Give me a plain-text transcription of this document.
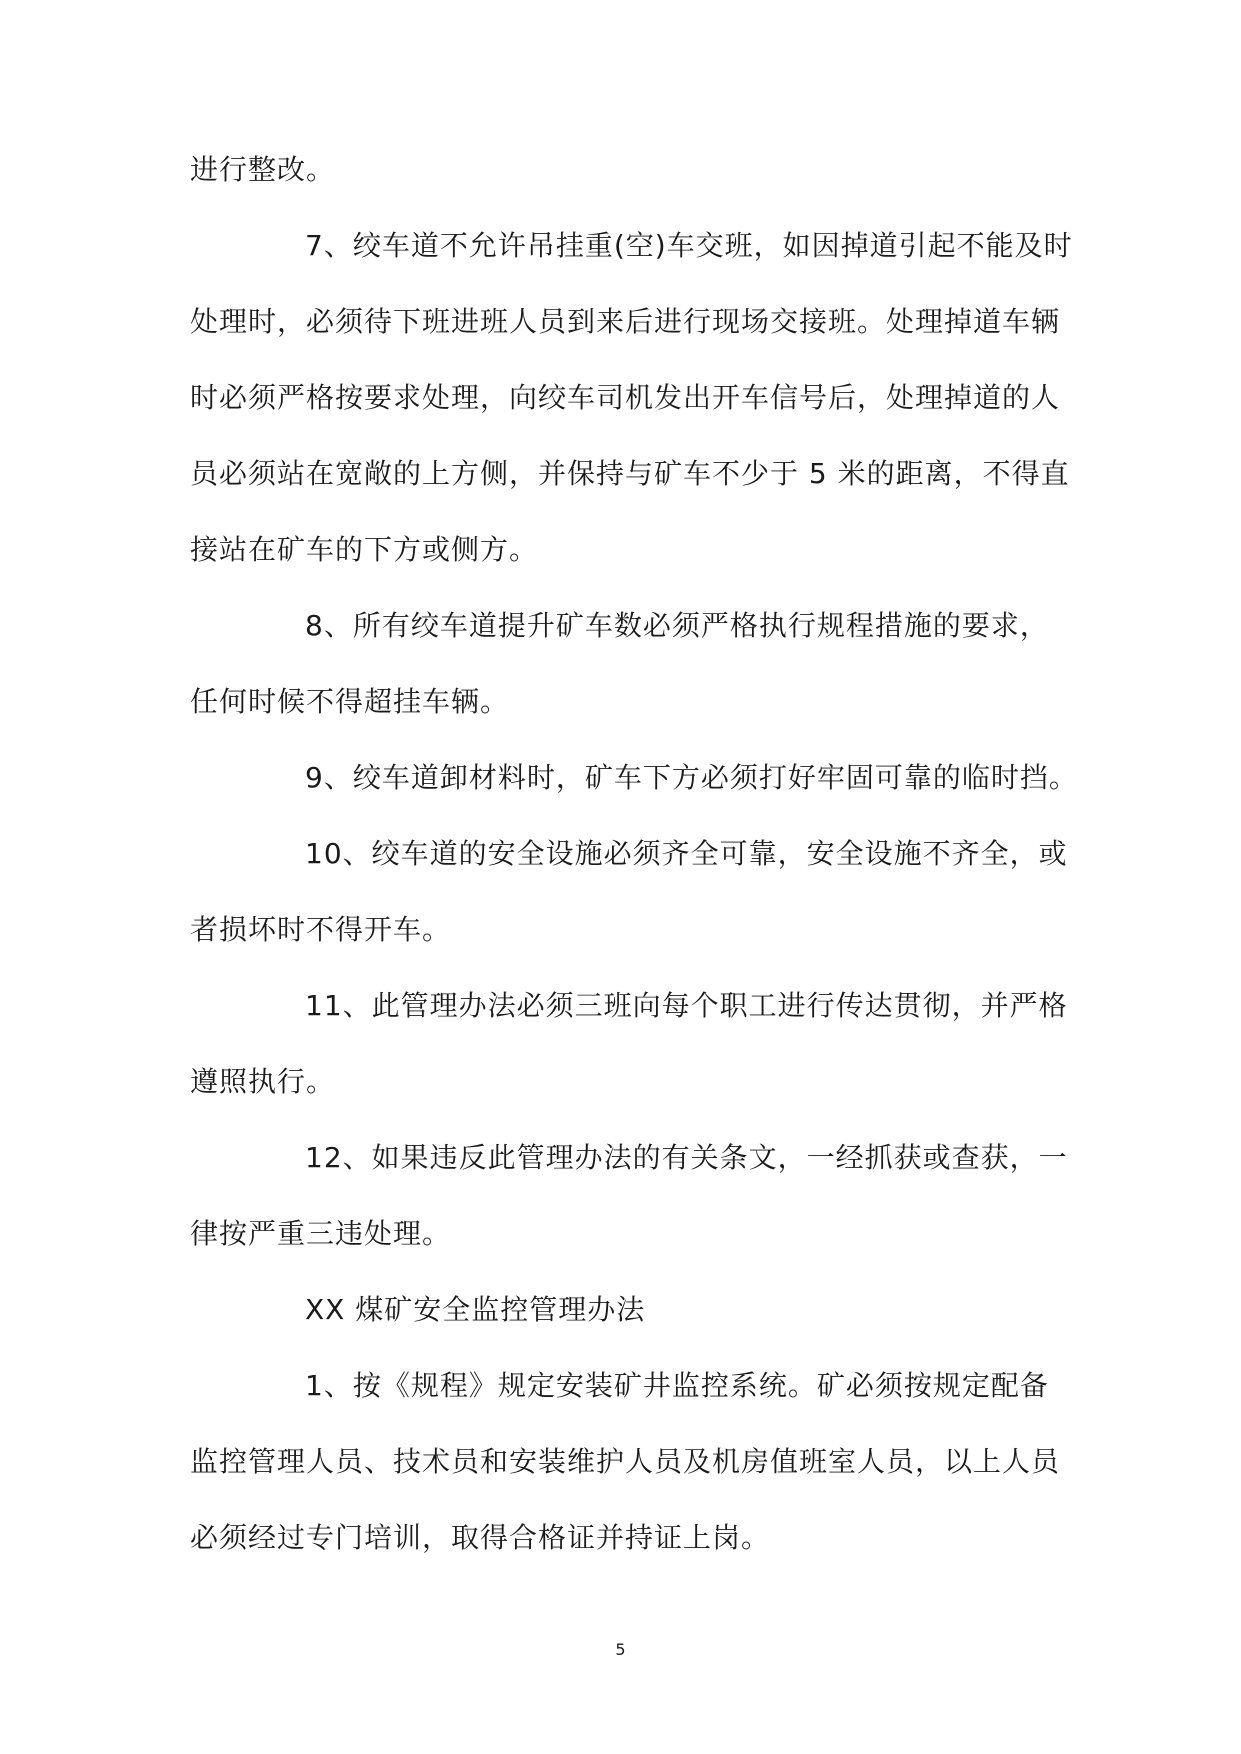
进行整改。
7、绞车道不允许吊挂重(空)车交班，如因掉道引起不能及时
处理时，必须待下班进班人员到来后进行现场交接班。处理掉道车辆
时必须严格按要求处理，向绞车司机发出开车信号后，处理掉道的人
员必须站在宽敞的上方侧，并保持与矿车不少于 5 米的距离，不得直
接站在矿车的下方或侧方。
8、所有绞车道提升矿车数必须严格执行规程措施的要求，
任何时候不得超挂车辆。
9、绞车道卸材料时，矿车下方必须打好牢固可靠的临时挡。
10、绞车道的安全设施必须齐全可靠，安全设施不齐全，或
者损坏时不得开车。
11、此管理办法必须三班向每个职工进行传达贯彻，并严格
遵照执行。
12、如果违反此管理办法的有关条文，一经抓获或查获，一
律按严重三违处理。
XX 煤矿安全监控管理办法
1、按《规程》规定安装矿井监控系统。矿必须按规定配备
监控管理人员、技术员和安装维护人员及机房值班室人员，以上人员
必须经过专门培训，取得合格证并持证上岗。
5
